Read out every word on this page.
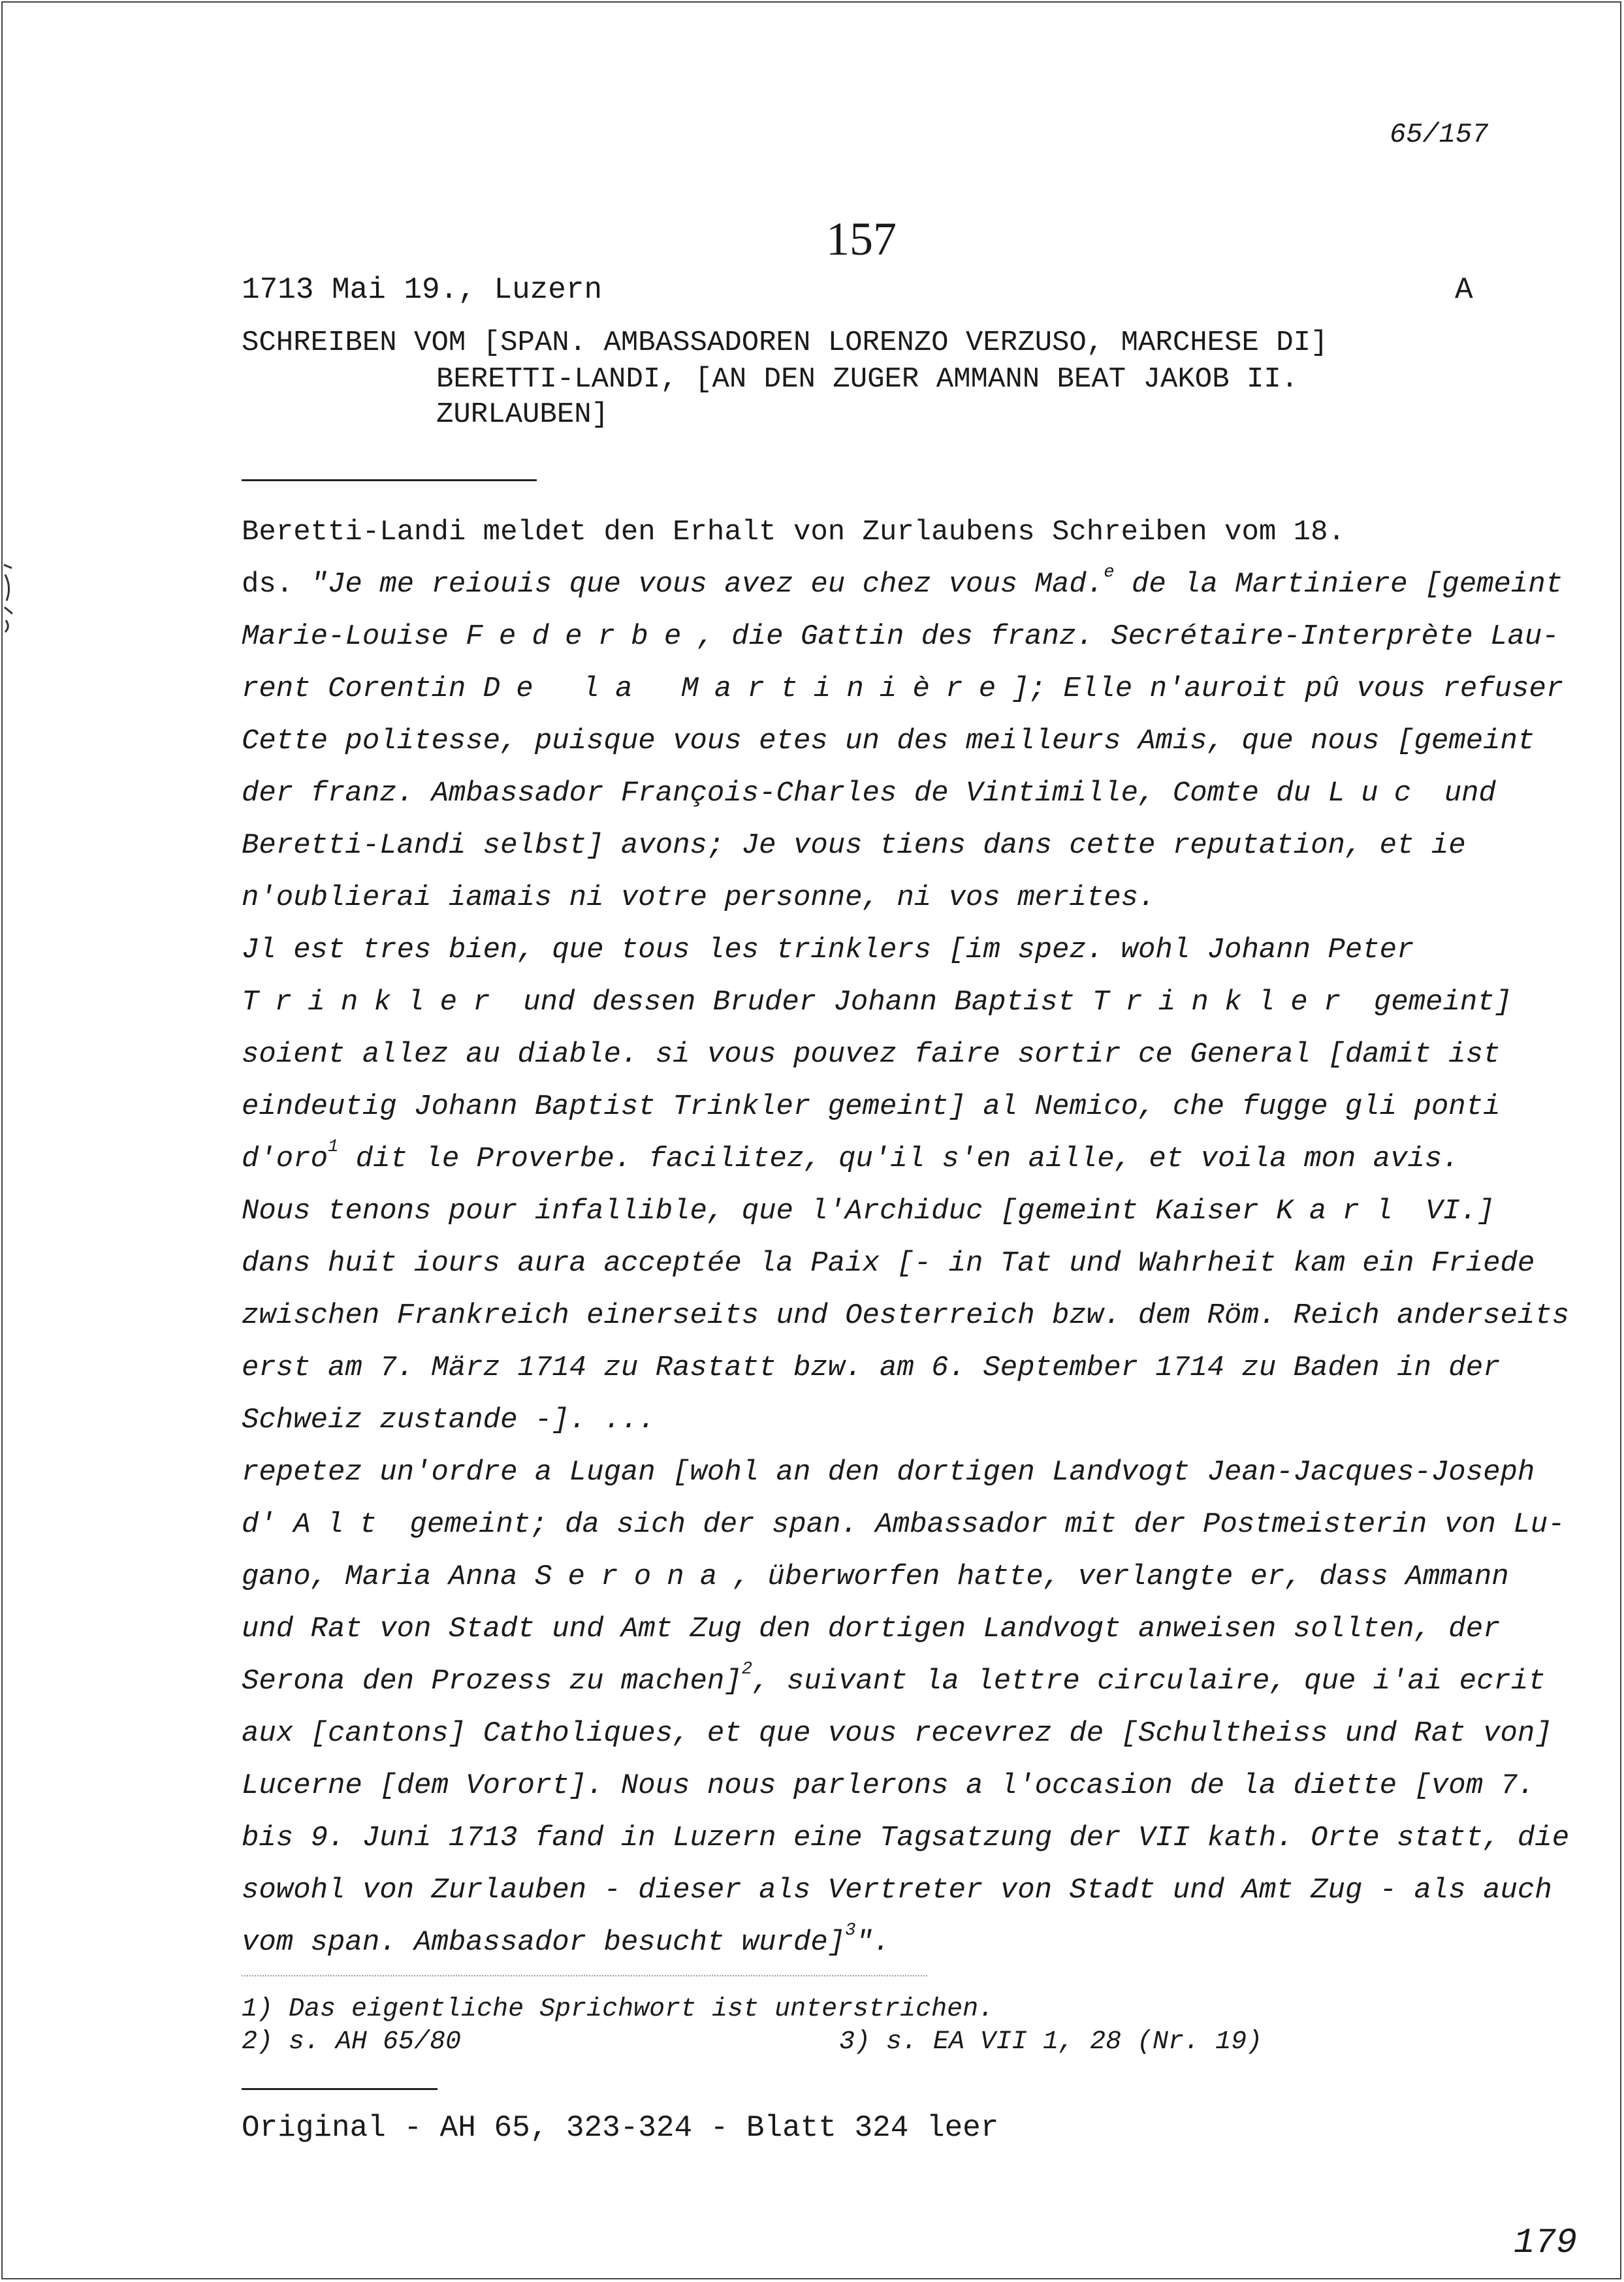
65/157
157
1713 Mai 19., Luzern	A
SCHREIBEN VOM [SPAN. AMBASSADOREN LORENZO VERZUSO, MARCHESE DI]
BERETTI-LANDI, [AN DEN ZUGER AMMANN BEAT JAKOB II.
ZURLAUBEN]
Beretti-Landi meldet den Erhalt von Zurlaubens Schreiben vom 18.
ds. "Je me reiouis que vous avez eu chez vous Mad.$^e$ de la Martiniere [gemeint
Marie-Louise Federbe, die Gattin des franz. Secrétaire-Interprète Lau-
rent Corentin De la Martinière]; Elle n'auroit pû vous refuser
Cette politesse, puisque vous etes un des meilleurs Amis, que nous [gemeint
der franz. Ambassador François-Charles de Vintimille, Comte du Luc und
Beretti-Landi selbst] avons; Je vous tiens dans cette reputation, et ie
n'oublierai iamais ni votre personne, ni vos merites.
Jl est tres bien, que tous les trinklers [im spez. wohl Johann Peter
Trinkler und dessen Bruder Johann Baptist Trinkler gemeint]
soient allez au diable. si vous pouvez faire sortir ce General [damit ist
eindeutig Johann Baptist Trinkler gemeint] al Nemico, che fugge gli ponti
d'oro$^1$ dit le Proverbe. facilitez, qu'il s'en aille, et voila mon avis.
Nous tenons pour infallible, que l'Archiduc [gemeint Kaiser Karl VI.]
dans huit iours aura acceptée la Paix [- in Tat und Wahrheit kam ein Friede
zwischen Frankreich einerseits und Oesterreich bzw. dem Röm. Reich anderseits
erst am 7. März 1714 zu Rastatt bzw. am 6. September 1714 zu Baden in der
Schweiz zustande -]. ...
repetez un'ordre a Lugan [wohl an den dortigen Landvogt Jean-Jacques-Joseph
d' Alt gemeint; da sich der span. Ambassador mit der Postmeisterin von Lu-
gano, Maria Anna Serona, überworfen hatte, verlangte er, dass Ammann
und Rat von Stadt und Amt Zug den dortigen Landvogt anweisen sollten, der
Serona den Prozess zu machen]$^2$, suivant la lettre circulaire, que i'ai ecrit
aux [cantons] Catholiques, et que vous recevrez de [Schultheiss und Rat von]
Lucerne [dem Vorort]. Nous nous parlerons a l'occasion de la diette [vom 7.
bis 9. Juni 1713 fand in Luzern eine Tagsatzung der VII kath. Orte statt, die
sowohl von Zurlauben - dieser als Vertreter von Stadt und Amt Zug - als auch
vom span. Ambassador besucht wurde]$^3$".
1) Das eigentliche Sprichwort ist unterstrichen.
2) s. AH 65/80	3) s. EA VII 1, 28 (Nr. 19)
Original - AH 65, 323-324 - Blatt 324 leer
179
